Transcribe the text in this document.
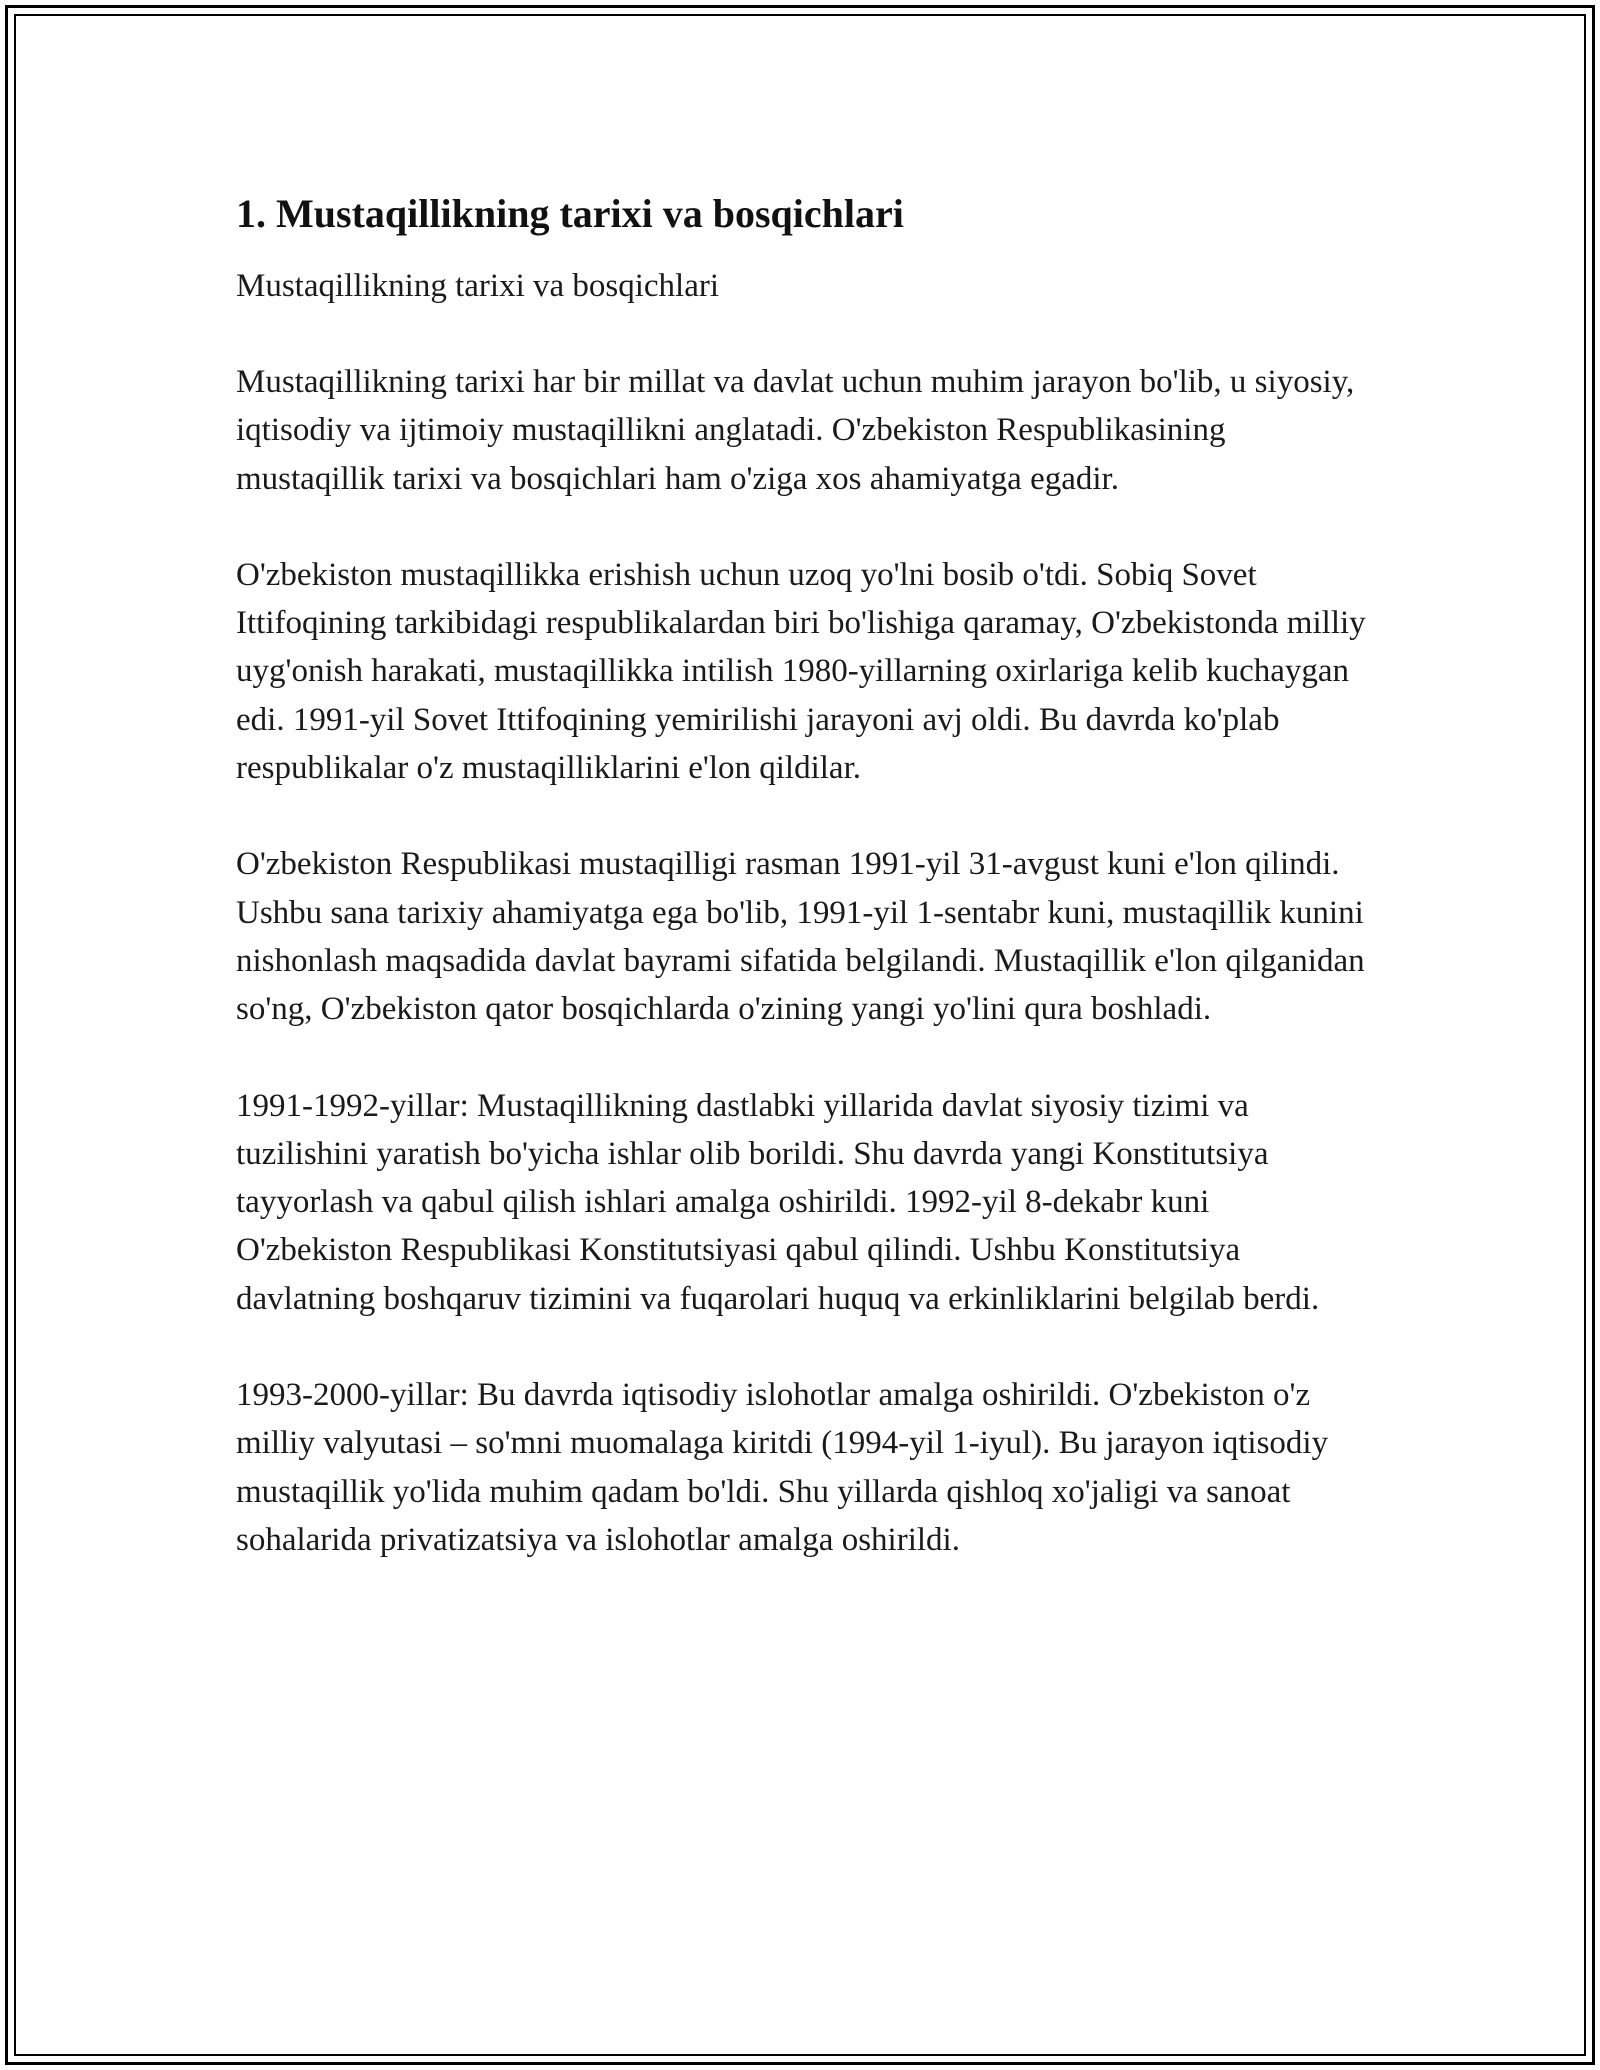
1. Mustaqillikning tarixi va bosqichlari
Mustaqillikning tarixi va bosqichlari

Mustaqillikning tarixi har bir millat va davlat uchun muhim jarayon bo'lib, u siyosiy, iqtisodiy va ijtimoiy mustaqillikni anglatadi. O'zbekiston Respublikasining mustaqillik tarixi va bosqichlari ham o'ziga xos ahamiyatga egadir.

O'zbekiston mustaqillikka erishish uchun uzoq yo'lni bosib o'tdi. Sobiq Sovet Ittifoqining tarkibidagi respublikalardan biri bo'lishiga qaramay, O'zbekistonda milliy uyg'onish harakati, mustaqillikka intilish 1980-yillarning oxirlariga kelib kuchaygan edi. 1991-yil Sovet Ittifoqining yemirilishi jarayoni avj oldi. Bu davrda ko'plab respublikalar o'z mustaqilliklarini e'lon qildilar.

O'zbekiston Respublikasi mustaqilligi rasman 1991-yil 31-avgust kuni e'lon qilindi. Ushbu sana tarixiy ahamiyatga ega bo'lib, 1991-yil 1-sentabr kuni, mustaqillik kunini nishonlash maqsadida davlat bayrami sifatida belgilandi. Mustaqillik e'lon qilganidan so'ng, O'zbekiston qator bosqichlarda o'zining yangi yo'lini qura boshladi.

1991-1992-yillar: Mustaqillikning dastlabki yillarida davlat siyosiy tizimi va tuzilishini yaratish bo'yicha ishlar olib borildi. Shu davrda yangi Konstitutsiya tayyorlash va qabul qilish ishlari amalga oshirildi. 1992-yil 8-dekabr kuni O'zbekiston Respublikasi Konstitutsiyasi qabul qilindi. Ushbu Konstitutsiya davlatning boshqaruv tizimini va fuqarolari huquq va erkinliklarini belgilab berdi.

1993-2000-yillar: Bu davrda iqtisodiy islohotlar amalga oshirildi. O'zbekiston o'z milliy valyutasi – so'mni muomalaga kiritdi (1994-yil 1-iyul). Bu jarayon iqtisodiy mustaqillik yo'lida muhim qadam bo'ldi. Shu yillarda qishloq xo'jaligi va sanoat sohalarida privatizatsiya va islohotlar amalga oshirildi.
